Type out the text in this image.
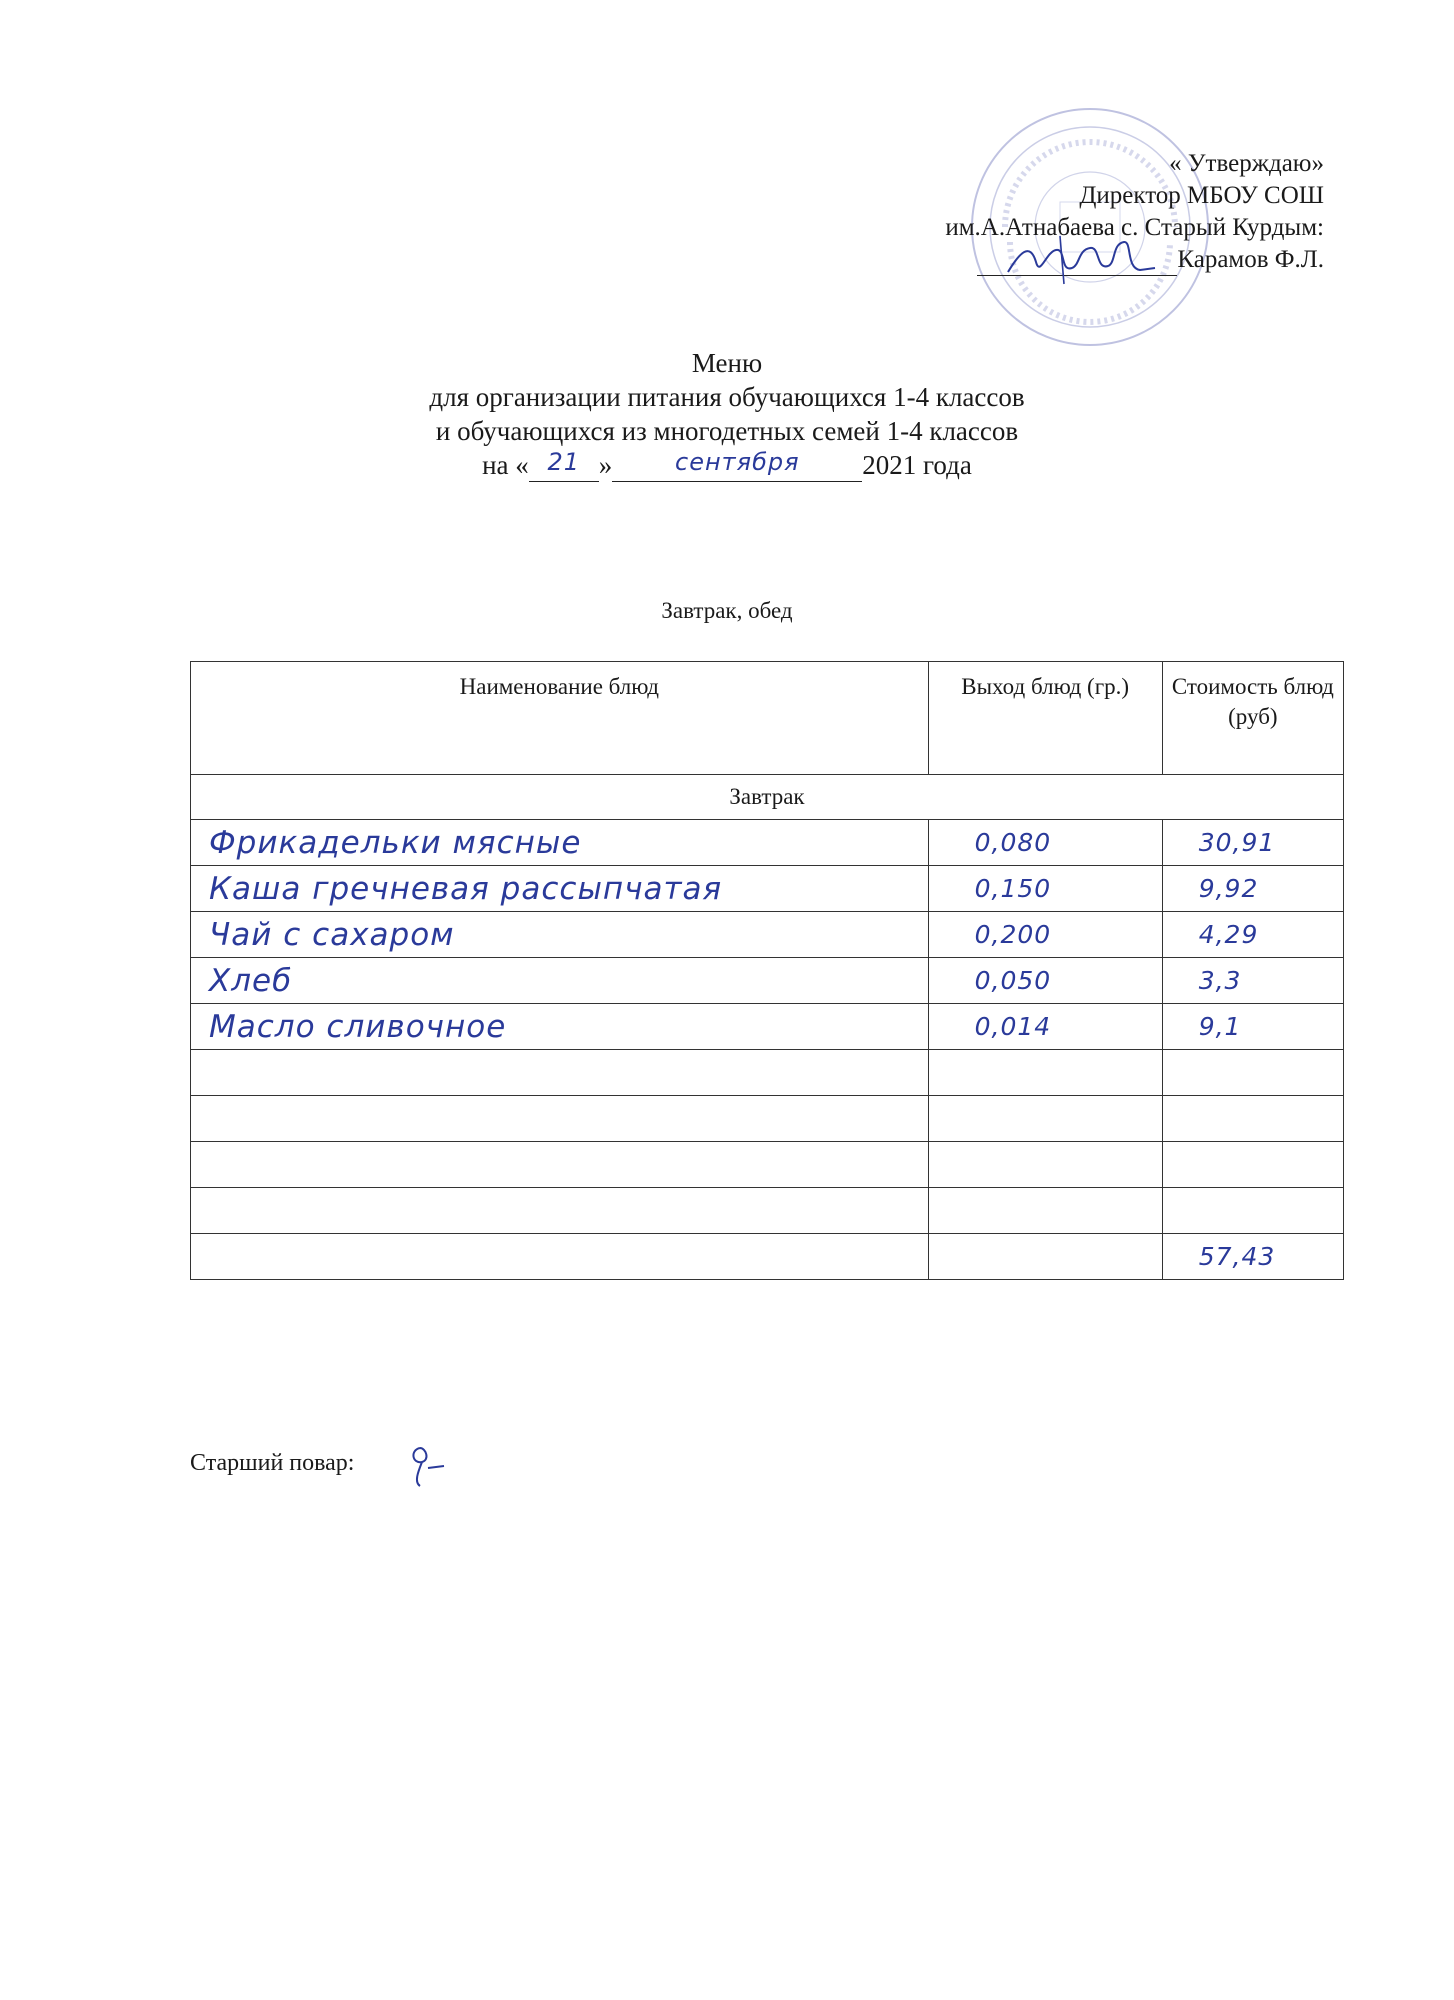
« Утверждаю»
Директор МБОУ СОШ
им.А.Атнабаева с. Старый Курдым:
Карамов Ф.Л.
Меню
для организации питания обучающихся 1-4 классов
и обучающихся из многодетных семей 1-4 классов
на « 21 »	сентября	2021 года
Завтрак, обед
Наименование блюд	Выход блюд (гр.)	Стоимость блюд (руб)
Завтрак		
Фрикадельки мясные	0,080	30,91
Каша гречневая рассыпчатая	0,150	9,92
Чай с сахаром	0,200	4,29
Хлеб	0,050	3,3
Масло сливочное	0,014	9,1

		57,43
Старший повар:
